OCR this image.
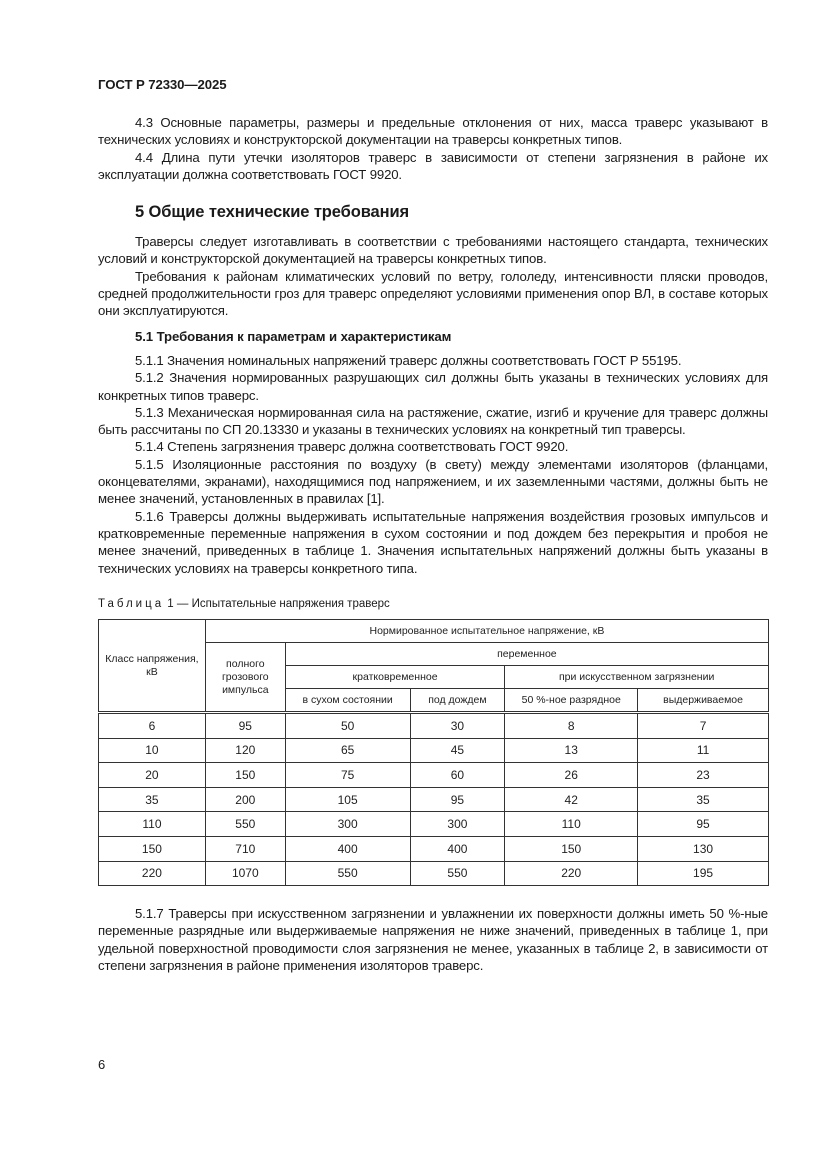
ГОСТ Р 72330—2025

4.3 Основные параметры, размеры и предельные отклонения от них, масса траверс указывают в технических условиях и конструкторской документации на траверсы конкретных типов.

4.4 Длина пути утечки изоляторов траверс в зависимости от степени загрязнения в районе их эксплуатации должна соответствовать ГОСТ 9920.

5 Общие технические требования

Траверсы следует изготавливать в соответствии с требованиями настоящего стандарта, технических условий и конструкторской документацией на траверсы конкретных типов.

Требования к районам климатических условий по ветру, гололеду, интенсивности пляски проводов, средней продолжительности гроз для траверс определяют условиями применения опор ВЛ, в составе которых они эксплуатируются.

5.1 Требования к параметрам и характеристикам

5.1.1 Значения номинальных напряжений траверс должны соответствовать ГОСТ Р 55195.

5.1.2 Значения нормированных разрушающих сил должны быть указаны в технических условиях для конкретных типов траверс.

5.1.3 Механическая нормированная сила на растяжение, сжатие, изгиб и кручение для траверс должны быть рассчитаны по СП 20.13330 и указаны в технических условиях на конкретный тип траверсы.

5.1.4 Степень загрязнения траверс должна соответствовать ГОСТ 9920.

5.1.5 Изоляционные расстояния по воздуху (в свету) между элементами изоляторов (фланцами, оконцевателями, экранами), находящимися под напряжением, и их заземленными частями, должны быть не менее значений, установленных в правилах [1].

5.1.6 Траверсы должны выдерживать испытательные напряжения воздействия грозовых импульсов и кратковременные переменные напряжения в сухом состоянии и под дождем без перекрытия и пробоя не менее значений, приведенных в таблице 1. Значения испытательных напряжений должны быть указаны в технических условиях на траверсы конкретного типа.

Таблица 1 — Испытательные напряжения траверс
Класс напряжения, кВ	Нормированное испытательное напряжение, кВ				
	полного грозового импульса	переменное			
		кратковременное		при искусственном загрязнении	
		в сухом состоянии	под дождем	50 %-ное разрядное	выдерживаемое
6	95	50	30	8	7
10	120	65	45	13	11
20	150	75	60	26	23
35	200	105	95	42	35
110	550	300	300	110	95
150	710	400	400	150	130
220	1070	550	550	220	195

5.1.7 Траверсы при искусственном загрязнении и увлажнении их поверхности должны иметь 50 %-ные переменные разрядные или выдерживаемые напряжения не ниже значений, приведенных в таблице 1, при удельной поверхностной проводимости слоя загрязнения не менее, указанных в таблице 2, в зависимости от степени загрязнения в районе применения изоляторов траверс.

6
